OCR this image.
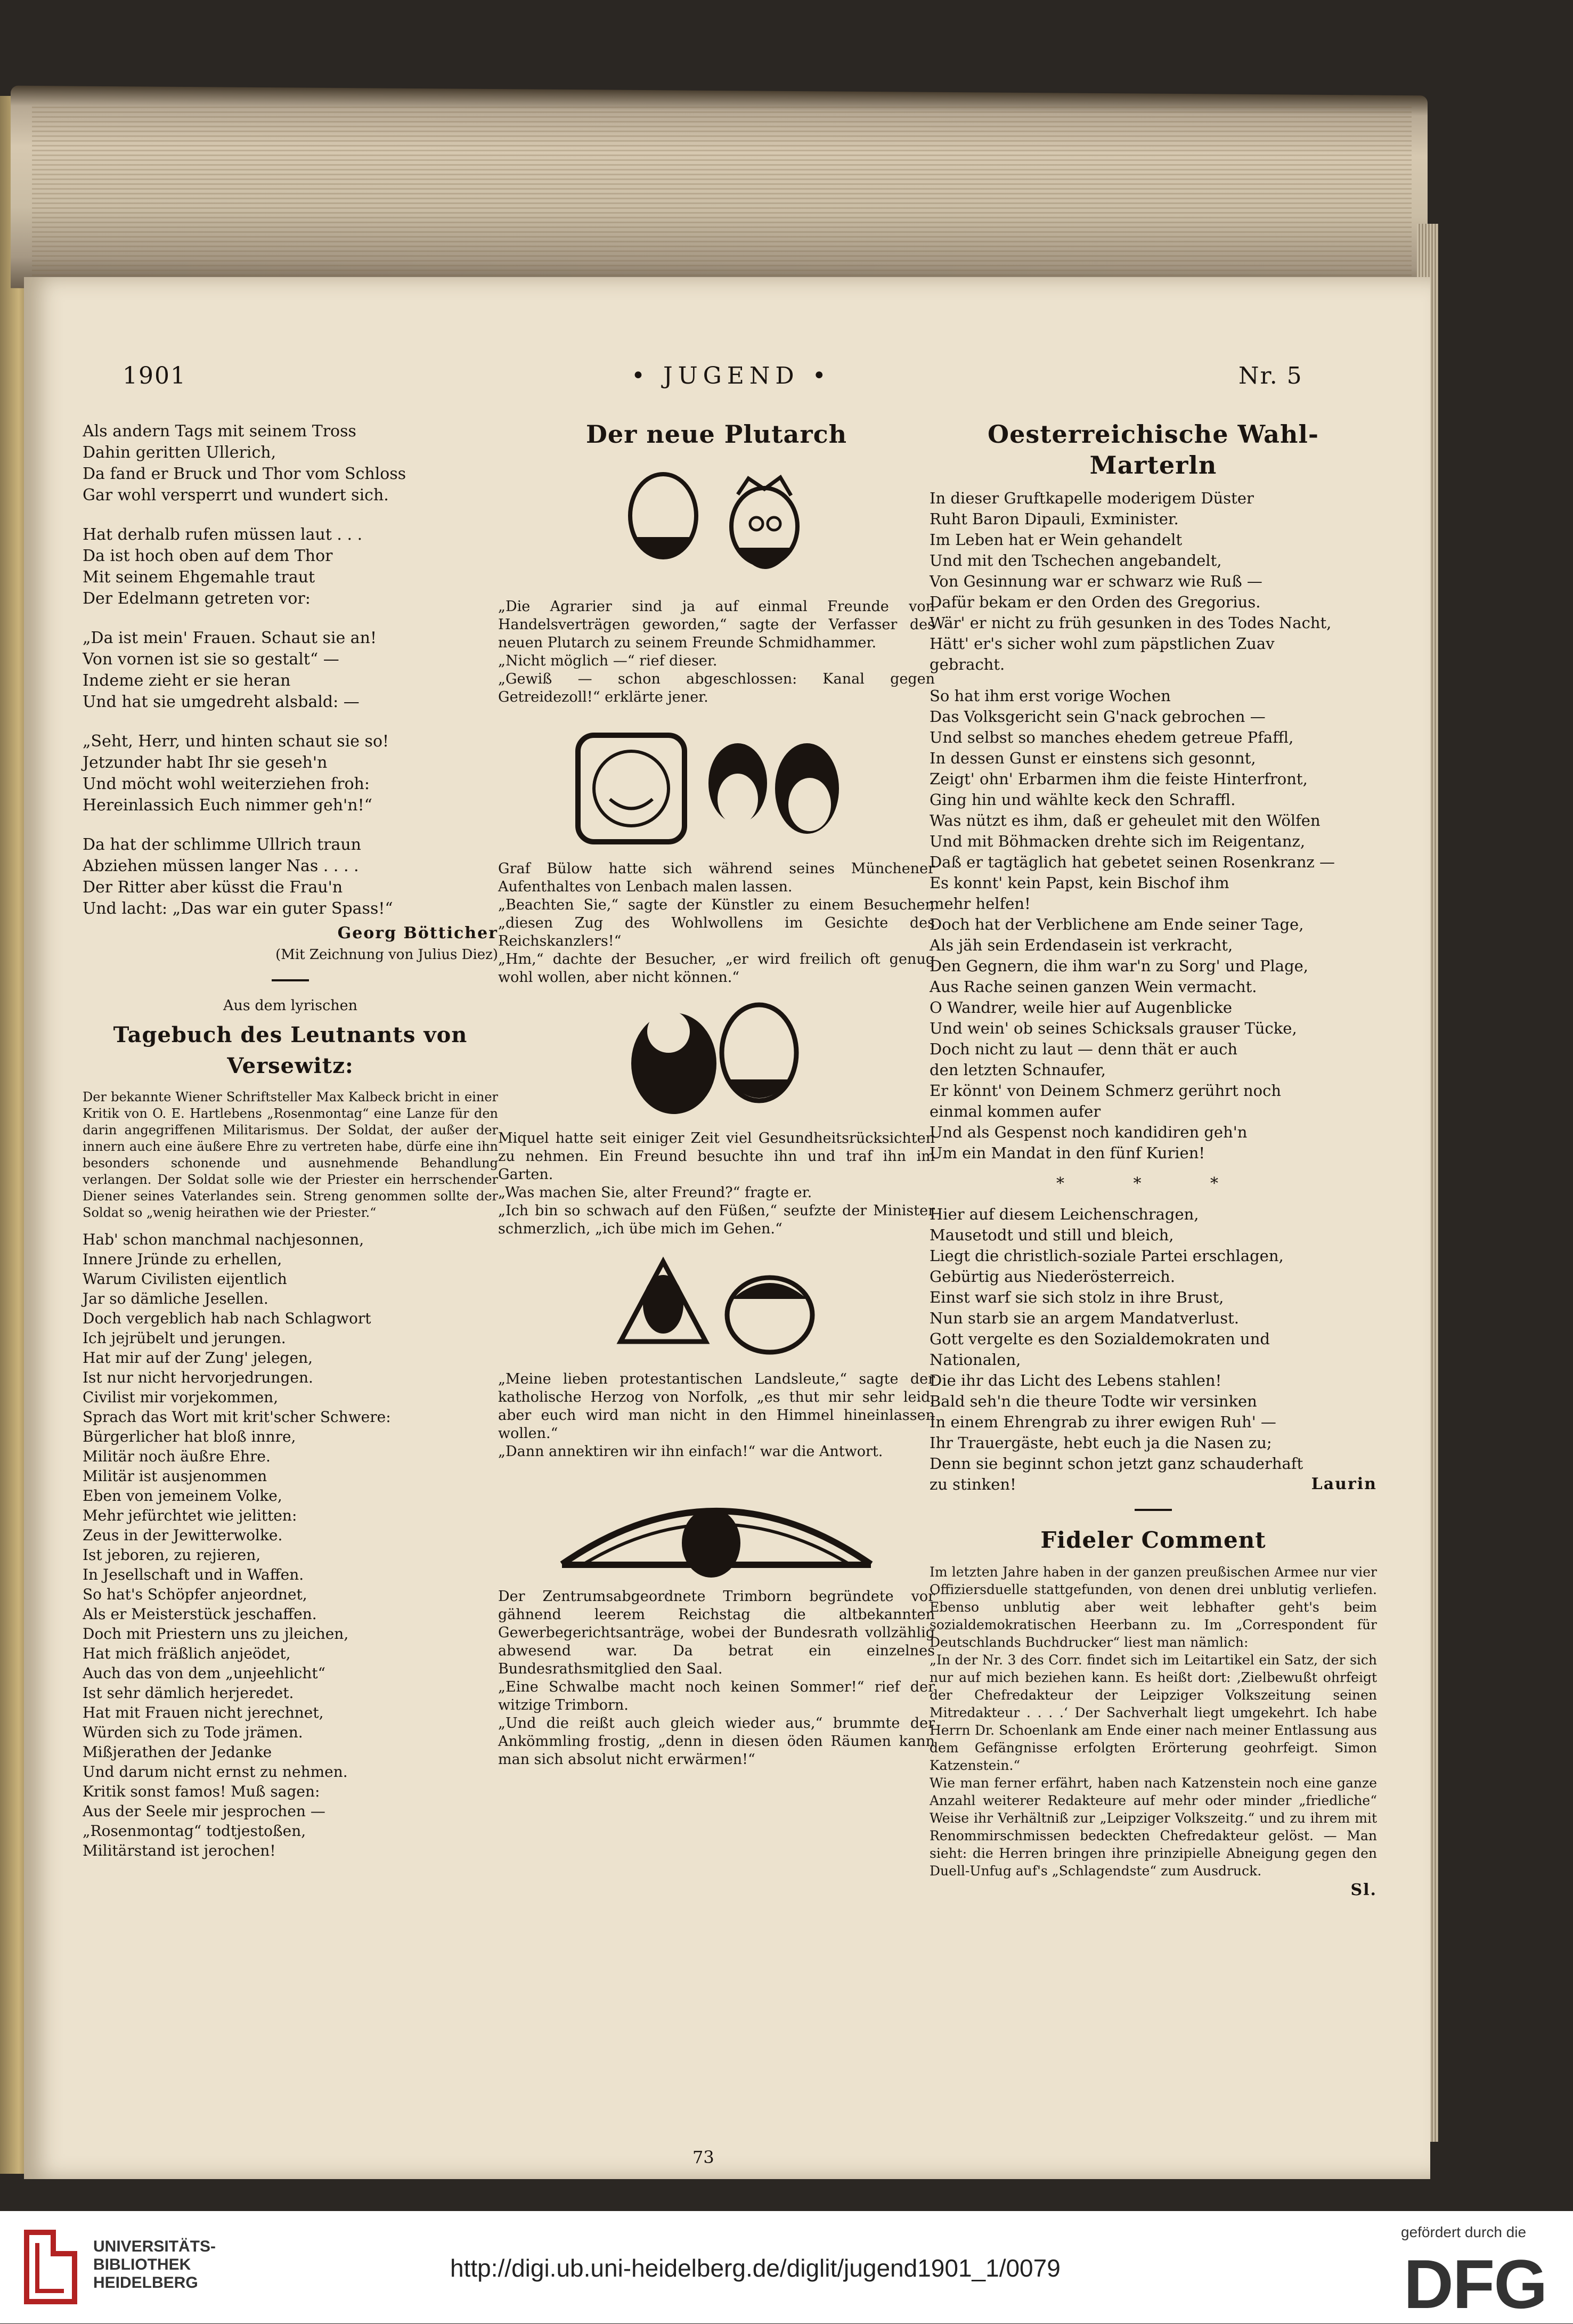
1901	• JUGEND •	Nr. 5

Als andern Tags mit seinem Tross
Dahin geritten Ullerich,
Da fand er Bruck und Thor vom Schloss
Gar wohl versperrt und wundert sich.

Hat derhalb rufen müssen laut . . .
Da ist hoch oben auf dem Thor
Mit seinem Ehgemahle traut
Der Edelmann getreten vor:

„Da ist mein' Frauen. Schaut sie an!
Von vornen ist sie so gestalt“ —
Indeme zieht er sie heran
Und hat sie umgedreht alsbald: —

„Seht, Herr, und hinten schaut sie so!
Jetzunder habt Ihr sie geseh'n
Und möcht wohl weiterziehen froh:
Hereinlassich Euch nimmer geh'n!“

Da hat der schlimme Ullrich traun
Abziehen müssen langer Nas . . . .
Der Ritter aber küsst die Frau'n
Und lacht: „Das war ein guter Spass!“

Georg Bötticher

(Mit Zeichnung von Julius Diez)

Aus dem lyrischen

Tagebuch des Leutnants von Versewitz:

Der bekannte Wiener Schriftsteller Max Kalbeck bricht in einer Kritik von O. E. Hartlebens „Rosenmontag“ eine Lanze für den darin angegriffenen Militarismus. Der Soldat, der außer der innern auch eine äußere Ehre zu vertreten habe, dürfe eine ihn besonders schonende und ausnehmende Behandlung verlangen. Der Soldat solle wie der Priester ein herrschender Diener seines Vaterlandes sein. Streng genommen sollte der Soldat so „wenig heirathen wie der Priester.“

Hab' schon manchmal nachjesonnen,
Innere Jründe zu erhellen,
Warum Civilisten eijentlich
Jar so dämliche Jesellen.

Doch vergeblich hab nach Schlagwort
Ich jejrübelt und jerungen.
Hat mir auf der Zung' jelegen,
Ist nur nicht hervorjedrungen.

Civilist mir vorjekommen,
Sprach das Wort mit krit'scher Schwere:
Bürgerlicher hat bloß innre,
Militär noch äußre Ehre.

Militär ist ausjenommen
Eben von jemeinem Volke,
Mehr jefürchtet wie jelitten:
Zeus in der Jewitterwolke.

Ist jeboren, zu rejieren,
In Jesellschaft und in Waffen.
So hat's Schöpfer anjeordnet,
Als er Meisterstück jeschaffen.

Doch mit Priestern uns zu jleichen,
Hat mich fräßlich anjeödet,
Auch das von dem „unjeehlicht“
Ist sehr dämlich herjeredet.

Hat mit Frauen nicht jerechnet,
Würden sich zu Tode jrämen.
Mißjerathen der Jedanke
Und darum nicht ernst zu nehmen.

Kritik sonst famos! Muß sagen:
Aus der Seele mir jesprochen —
„Rosenmontag“ todtjestoßen,
Militärstand ist jerochen!

Der neue Plutarch

„Die Agrarier sind ja auf einmal Freunde von Handelsverträgen geworden,“ sagte der Verfasser des neuen Plutarch zu seinem Freunde Schmidhammer.
„Nicht möglich —“ rief dieser.
„Gewiß — schon abgeschlossen: Kanal gegen Getreidezoll!“ erklärte jener.

Graf Bülow hatte sich während seines Münchener Aufenthaltes von Lenbach malen lassen.
„Beachten Sie,“ sagte der Künstler zu einem Besucher, „diesen Zug des Wohlwollens im Gesichte des Reichskanzlers!“
„Hm,“ dachte der Besucher, „er wird freilich oft genug wohl wollen, aber nicht können.“

Miquel hatte seit einiger Zeit viel Gesundheitsrücksichten zu nehmen. Ein Freund besuchte ihn und traf ihn im Garten.
„Was machen Sie, alter Freund?“ fragte er.
„Ich bin so schwach auf den Füßen,“ seufzte der Minister schmerzlich, „ich übe mich im Gehen.“

„Meine lieben protestantischen Landsleute,“ sagte der katholische Herzog von Norfolk, „es thut mir sehr leid, aber euch wird man nicht in den Himmel hineinlassen wollen.“
„Dann annektiren wir ihn einfach!“ war die Antwort.

Der Zentrumsabgeordnete Trimborn begründete vor gähnend leerem Reichstag die altbekannten Gewerbegerichtsanträge, wobei der Bundesrath vollzählig abwesend war. Da betrat ein einzelnes Bundesrathsmitglied den Saal.
„Eine Schwalbe macht noch keinen Sommer!“ rief der witzige Trimborn.
„Und die reißt auch gleich wieder aus,“ brummte der Ankömmling frostig, „denn in diesen öden Räumen kann man sich absolut nicht erwärmen!“

Oesterreichische Wahl-Marterln

In dieser Gruftkapelle moderigem Düster
Ruht Baron Dipauli, Exminister.
Im Leben hat er Wein gehandelt
Und mit den Tschechen angebandelt,
Von Gesinnung war er schwarz wie Ruß —
Dafür bekam er den Orden des Gregorius.
Wär' er nicht zu früh gesunken in des Todes Nacht,
Hätt' er's sicher wohl zum päpstlichen Zuav
gebracht.

So hat ihm erst vorige Wochen
Das Volksgericht sein G'nack gebrochen —
Und selbst so manches ehedem getreue Pfaffl,
In dessen Gunst er einstens sich gesonnt,
Zeigt' ohn' Erbarmen ihm die feiste Hinterfront,
Ging hin und wählte keck den Schraffl.
Was nützt es ihm, daß er geheulet mit den Wölfen
Und mit Böhmacken drehte sich im Reigentanz,
Daß er tagtäglich hat gebetet seinen Rosenkranz —
Es konnt' kein Papst, kein Bischof ihm
mehr helfen!
Doch hat der Verblichene am Ende seiner Tage,
Als jäh sein Erdendasein ist verkracht,
Den Gegnern, die ihm war'n zu Sorg' und Plage,
Aus Rache seinen ganzen Wein vermacht.
O Wandrer, weile hier auf Augenblicke
Und wein' ob seines Schicksals grauser Tücke,
Doch nicht zu laut — denn thät er auch
den letzten Schnaufer,
Er könnt' von Deinem Schmerz gerührt noch
einmal kommen aufer
Und als Gespenst noch kandidiren geh'n
Um ein Mandat in den fünf Kurien!

* * *

Hier auf diesem Leichenschragen,
Mausetodt und still und bleich,
Liegt die christlich-soziale Partei erschlagen,
Gebürtig aus Niederösterreich.
Einst warf sie sich stolz in ihre Brust,
Nun starb sie an argem Mandatverlust.
Gott vergelte es den Sozialdemokraten und
Nationalen,
Die ihr das Licht des Lebens stahlen!
Bald seh'n die theure Todte wir versinken
In einem Ehrengrab zu ihrer ewigen Ruh' —
Ihr Trauergäste, hebt euch ja die Nasen zu;
Denn sie beginnt schon jetzt ganz schauderhaft
zu stinken!	Laurin

Fideler Comment

Im letzten Jahre haben in der ganzen preußischen Armee nur vier Offiziersduelle stattgefunden, von denen drei unblutig verliefen. Ebenso unblutig aber weit lebhafter geht's beim sozialdemokratischen Heerbann zu. Im „Correspondent für Deutschlands Buchdrucker“ liest man nämlich:
„In der Nr. 3 des Corr. findet sich im Leitartikel ein Satz, der sich nur auf mich beziehen kann. Es heißt dort: ‚Zielbewußt ohrfeigt der Chefredakteur der Leipziger Volkszeitung seinen Mitredakteur . . . .‘ Der Sachverhalt liegt umgekehrt. Ich habe Herrn Dr. Schoenlank am Ende einer nach meiner Entlassung aus dem Gefängnisse erfolgten Erörterung geohrfeigt. Simon Katzenstein.“
Wie man ferner erfährt, haben nach Katzenstein noch eine ganze Anzahl weiterer Redakteure auf mehr oder minder „friedliche“ Weise ihr Verhältniß zur „Leipziger Volkszeitg.“ und zu ihrem mit Renommirschmissen bedeckten Chefredakteur gelöst. — Man sieht: die Herren bringen ihre prinzipielle Abneigung gegen den Duell-Unfug auf's „Schlagendste“ zum Ausdruck.

Sl.

73
UNIVERSITÄTS-
BIBLIOTHEK
HEIDELBERG
http://digi.ub.uni-heidelberg.de/diglit/jugend1901_1/0079
gefördert durch die
DFG
